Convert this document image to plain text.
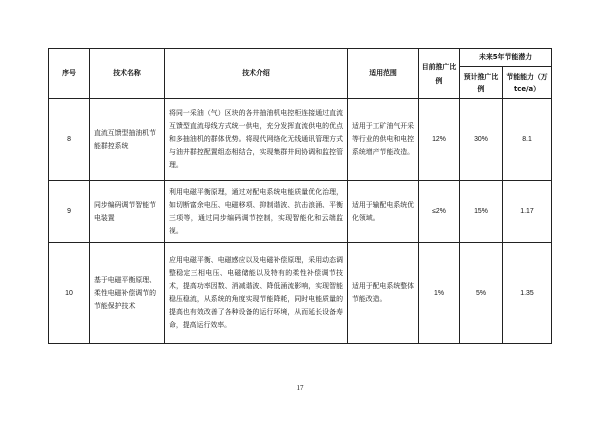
序号	技术名称	技术介绍	适用范围	目前推广比例	未来5年节能潜力	
					预计推广比例	节能能力（万 tce/a）
8	直流互馈型抽油机节能群控系统	将同一采油（气）区块的各井抽油机电控柜连接通过直流互馈型直流母线方式统一供电，充分发挥直流供电的优点和多抽油机的群体优势。将现代网络化无线通讯管理方式与油井群控配置组态相结合，实现集群井间协调和监控管理。	适用于工矿油气开采等行业的供电和电控系统增产节能改造。	12%	30%	8.1
9	同步编码调节智能节电装置	利用电磁平衡原理，通过对配电系统电能质量优化治理，如切断富余电压、电磁移项、抑制谐波、抗击浪涌、平衡三项等，通过同步编码调节控制，实现智能化和云端监视。	适用于输配电系统优化领域。	≤2%	15%	1.17
10	基于电磁平衡原理、柔性电磁补偿调节的节能保护技术	应用电磁平衡、电磁感应以及电磁补偿原理，采用动态调整稳定三相电压、电磁储能以及特有的柔性补偿调节技术，提高功率因数、消减谐波、降低涌流影响，实现智能稳压稳流，从系统的角度实现节能降耗，同时电能质量的提高也有效改善了各种设备的运行环境，从而延长设备寿命，提高运行效率。	适用于配电系统整体节能改造。	1%	5%	1.35
17
